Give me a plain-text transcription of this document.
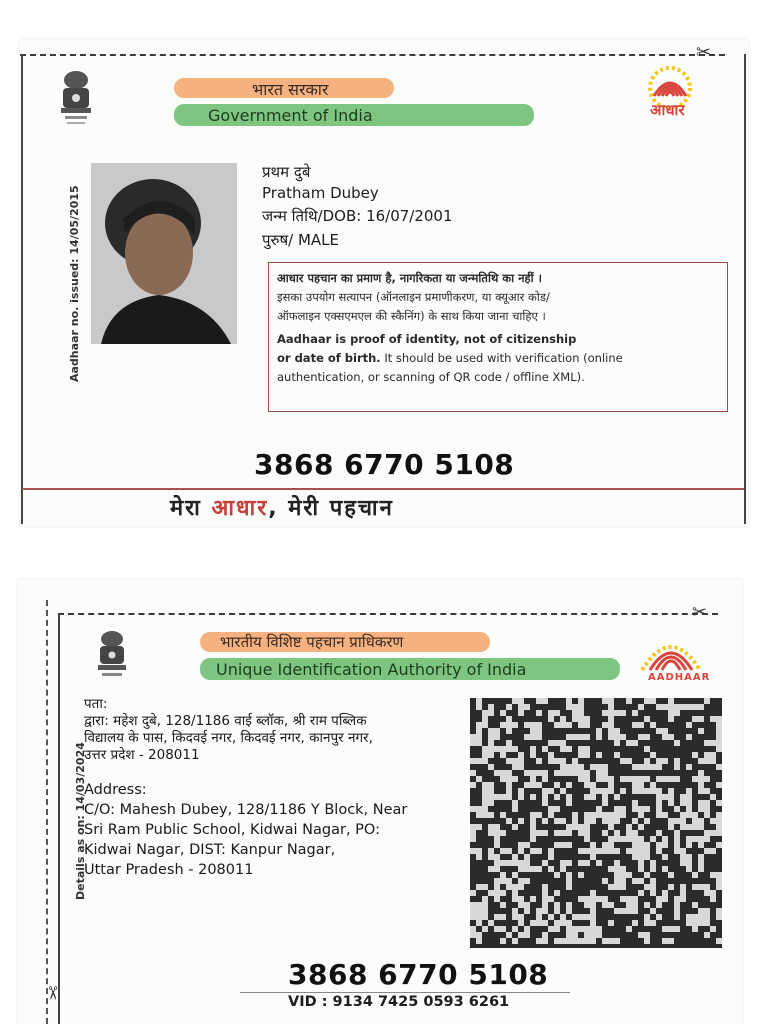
✂
भारत सरकार
Government of India	आधार
Aadhaar no. issued: 14/05/2015
प्रथम दुबे
Pratham Dubey
जन्म तिथि/DOB: 16/07/2001
पुरुष/ MALE
आधार पहचान का प्रमाण है, नागरिकता या जन्मतिथि का नहीं ।
इसका उपयोग सत्यापन (ऑनलाइन प्रमाणीकरण, या क्यूआर कोड/
ऑफलाइन एक्सएमएल की स्कैनिंग) के साथ किया जाना चाहिए ।
Aadhaar is proof of identity, not of citizenship
or date of birth. It should be used with verification (online
authentication, or scanning of QR code / offline XML).
3868 6770 5108
मेरा आधार, मेरी पहचान
✂
✂
भारतीय विशिष्ट पहचान प्राधिकरण
Unique Identification Authority of India	AADHAAR
Details as on: 14/03/2024
पता:
द्वारा: महेश दुबे, 128/1186 वाई ब्लॉक, श्री राम पब्लिक
विद्यालय के पास, किदवई नगर, किदवई नगर, कानपुर नगर,
उत्तर प्रदेश - 208011
Address:
C/O: Mahesh Dubey, 128/1186 Y Block, Near
Sri Ram Public School, Kidwai Nagar, PO:
Kidwai Nagar, DIST: Kanpur Nagar,
Uttar Pradesh - 208011
3868 6770 5108
VID : 9134 7425 0593 6261
